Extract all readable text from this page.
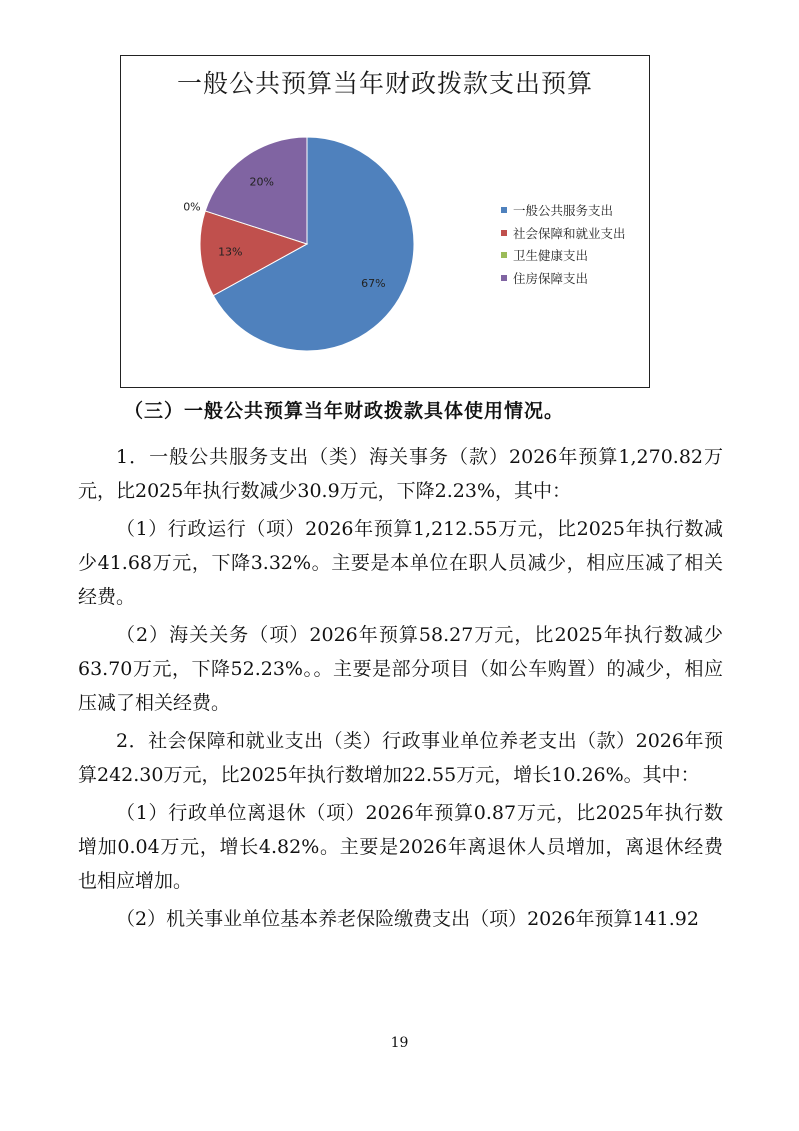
一般公共预算当年财政拨款支出预算
67%
13%
0%
20%
一般公共服务支出
社会保障和就业支出
卫生健康支出
住房保障支出
（三）一般公共预算当年财政拨款具体使用情况。

1．一般公共服务支出（类）海关事务（款）2026年预算1,270.82万元，比2025年执行数减少30.9万元，下降2.23%，其中：

（1）行政运行（项）2026年预算1,212.55万元，比2025年执行数减少41.68万元，下降3.32%。主要是本单位在职人员减少，相应压减了相关经费。

（2）海关关务（项）2026年预算58.27万元，比2025年执行数减少63.70万元，下降52.23%。。主要是部分项目（如公车购置）的减少，相应压减了相关经费。

2．社会保障和就业支出（类）行政事业单位养老支出（款）2026年预算242.30万元，比2025年执行数增加22.55万元，增长10.26%。其中：

（1）行政单位离退休（项）2026年预算0.87万元，比2025年执行数增加0.04万元，增长4.82%。主要是2026年离退休人员增加，离退休经费也相应增加。

（2）机关事业单位基本养老保险缴费支出（项）2026年预算141.92

19
